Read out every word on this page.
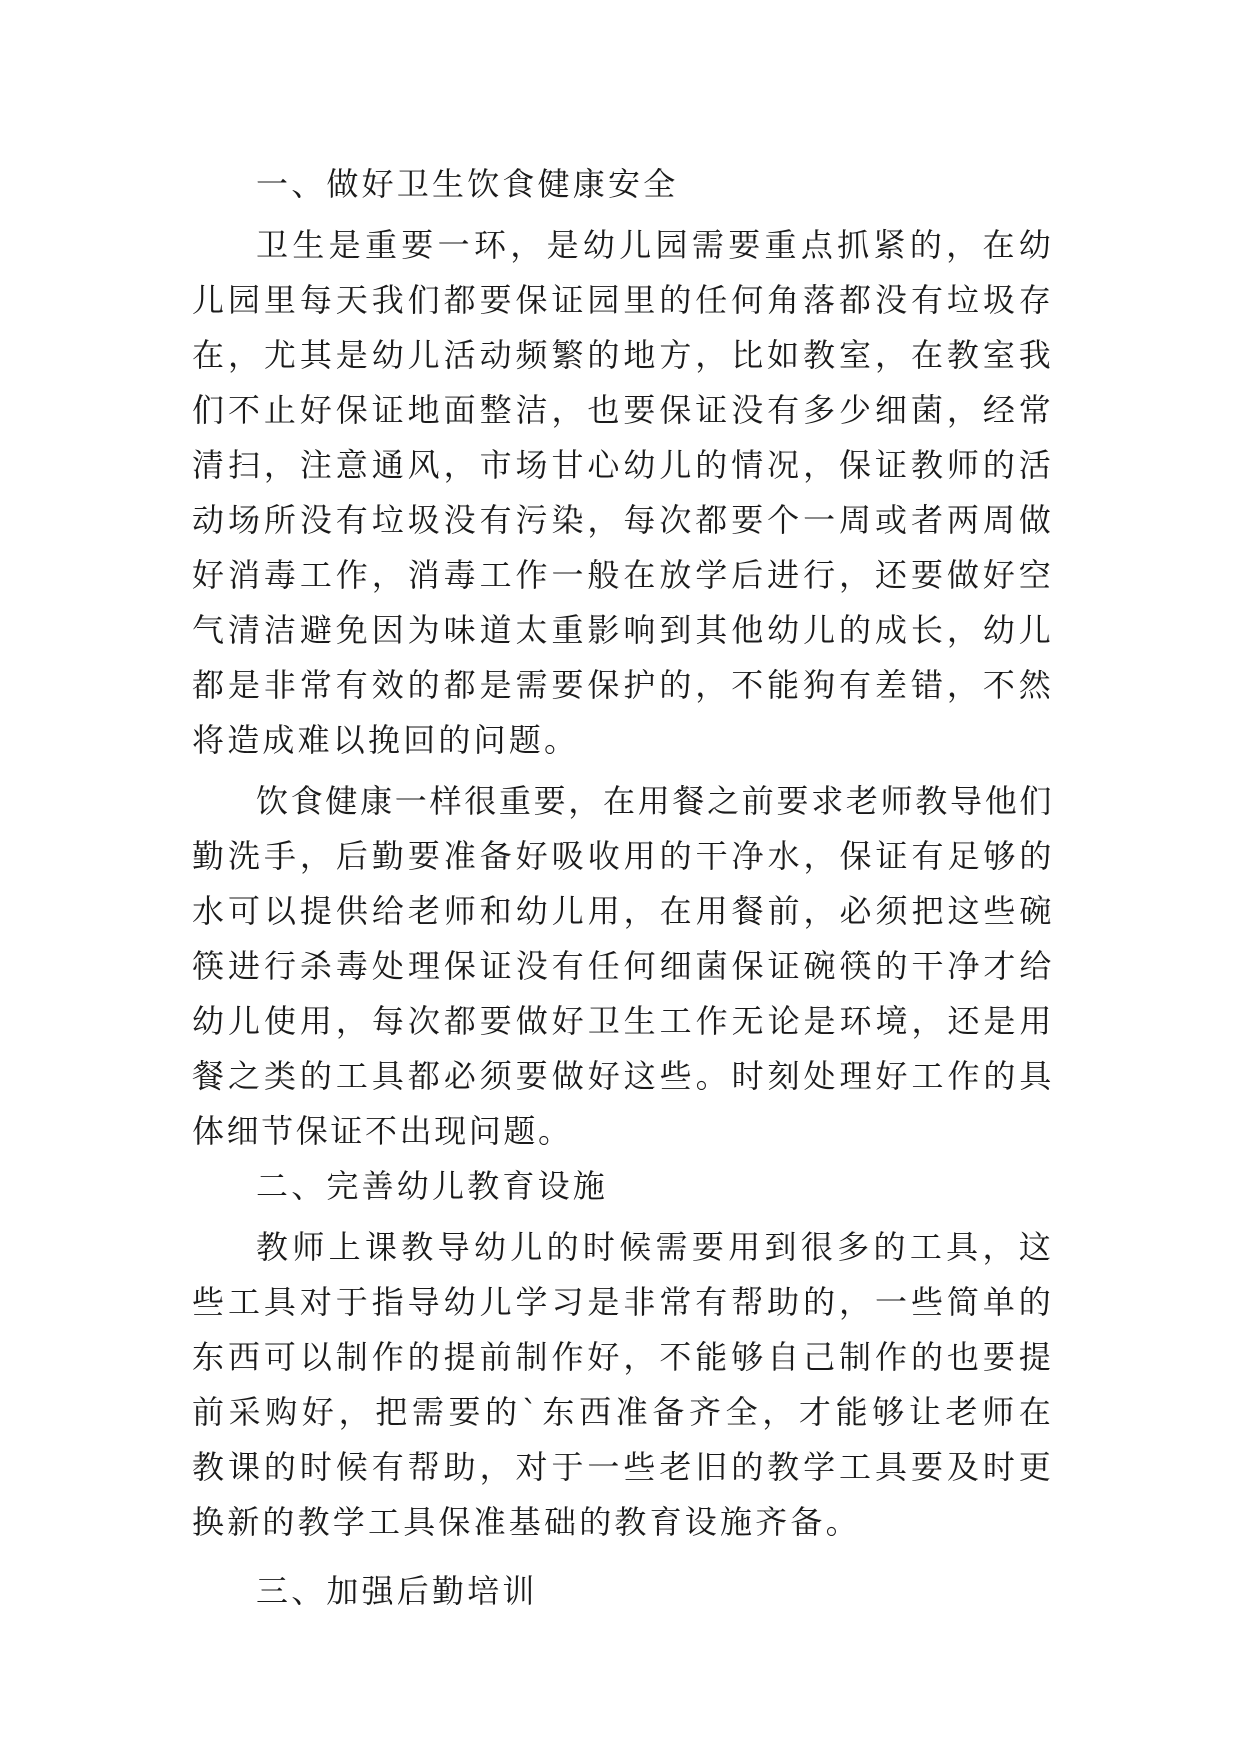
一、做好卫生饮食健康安全

卫生是重要一环，是幼儿园需要重点抓紧的，在幼儿园里每天我们都要保证园里的任何角落都没有垃圾存在，尤其是幼儿活动频繁的地方，比如教室，在教室我们不止好保证地面整洁，也要保证没有多少细菌，经常清扫，注意通风，市场甘心幼儿的情况，保证教师的活动场所没有垃圾没有污染，每次都要个一周或者两周做好消毒工作，消毒工作一般在放学后进行，还要做好空气清洁避免因为味道太重影响到其他幼儿的成长，幼儿都是非常有效的都是需要保护的，不能狗有差错，不然将造成难以挽回的问题。

饮食健康一样很重要，在用餐之前要求老师教导他们勤洗手，后勤要准备好吸收用的干净水，保证有足够的水可以提供给老师和幼儿用，在用餐前，必须把这些碗筷进行杀毒处理保证没有任何细菌保证碗筷的干净才给幼儿使用，每次都要做好卫生工作无论是环境，还是用餐之类的工具都必须要做好这些。时刻处理好工作的具体细节保证不出现问题。

二、完善幼儿教育设施

教师上课教导幼儿的时候需要用到很多的工具，这些工具对于指导幼儿学习是非常有帮助的，一些简单的东西可以制作的提前制作好，不能够自己制作的也要提前采购好，把需要的`东西准备齐全，才能够让老师在教课的时候有帮助，对于一些老旧的教学工具要及时更换新的教学工具保准基础的教育设施齐备。

三、加强后勤培训
